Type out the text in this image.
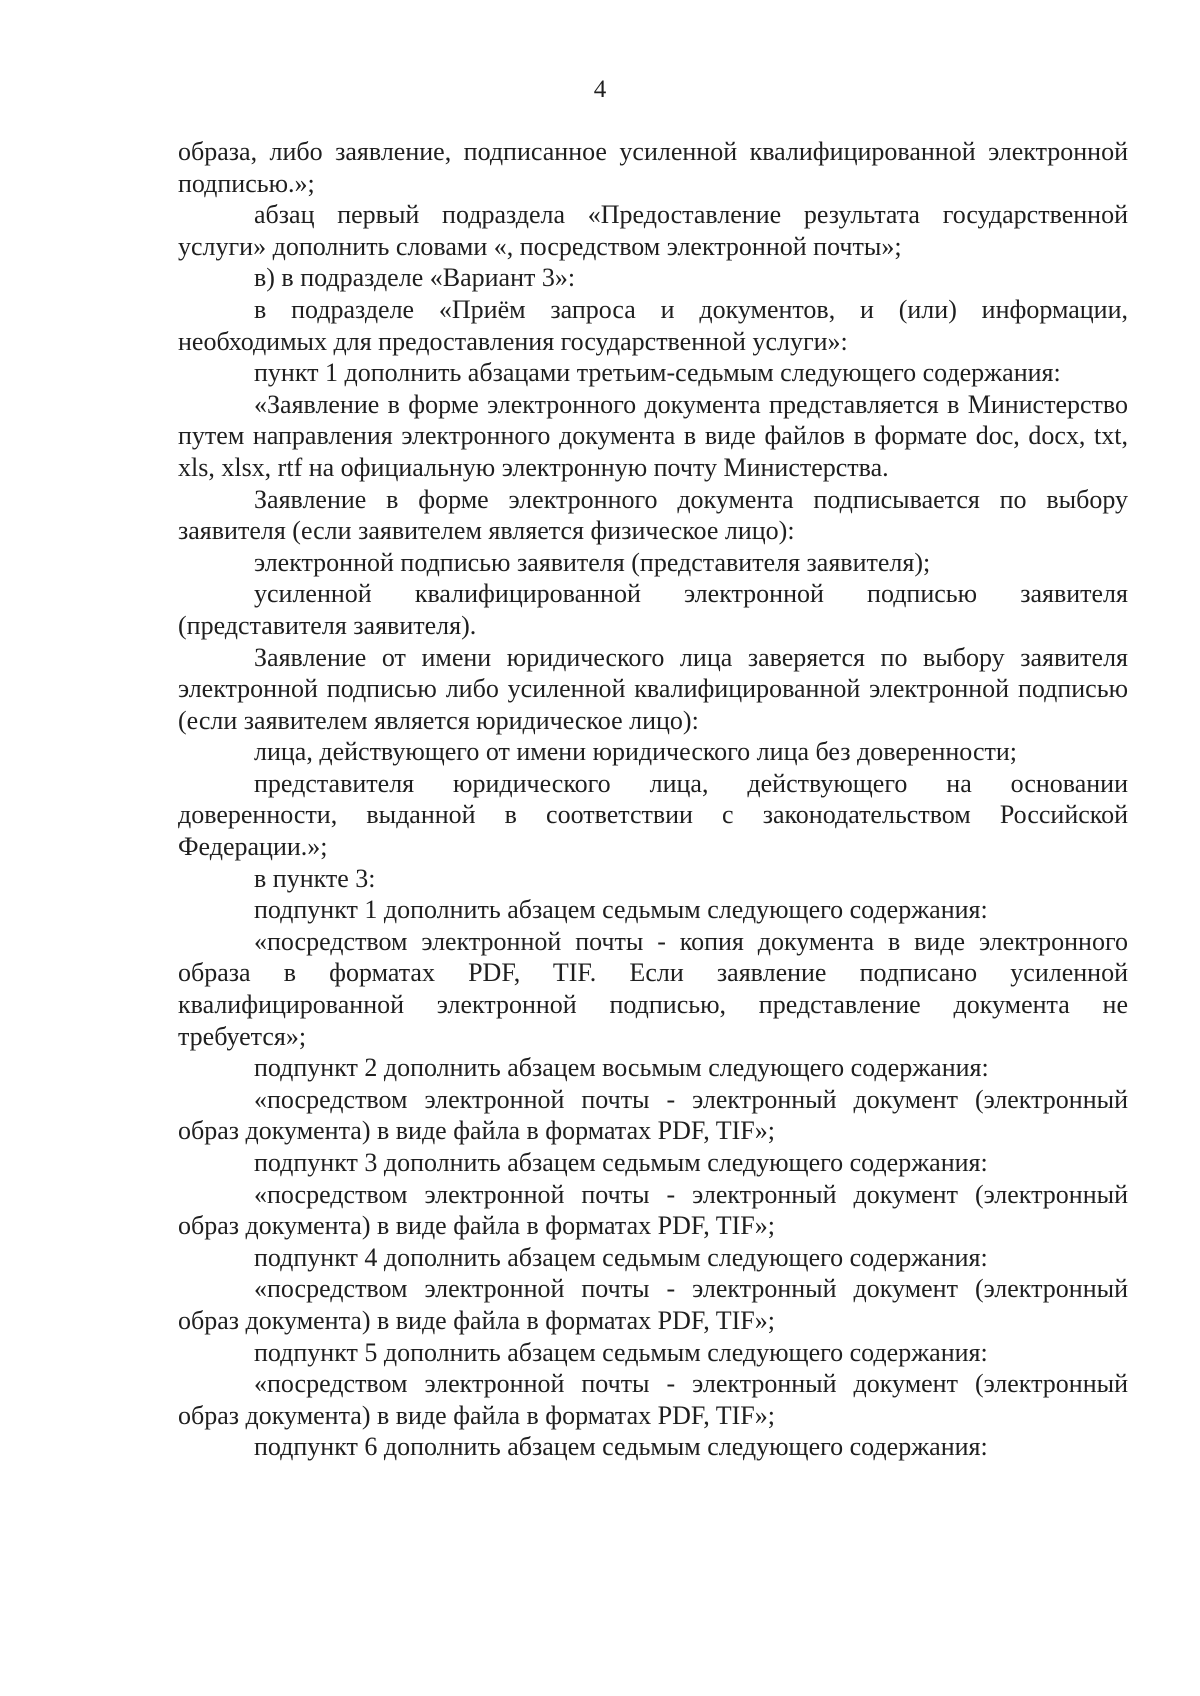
4

образа, либо заявление, подписанное усиленной квалифицированной электронной подписью.»;

абзац первый подраздела «Предоставление результата государственной услуги» дополнить словами «, посредством электронной почты»;

в) в подразделе «Вариант 3»:

в подразделе «Приём запроса и документов, и (или) информации, необходимых для предоставления государственной услуги»:

пункт 1 дополнить абзацами третьим-седьмым следующего содержания:

«Заявление в форме электронного документа представляется в Министерство путем направления электронного документа в виде файлов в формате doc, docx, txt, xls, xlsx, rtf на официальную электронную почту Министерства.

Заявление в форме электронного документа подписывается по выбору заявителя (если заявителем является физическое лицо):

электронной подписью заявителя (представителя заявителя);

усиленной квалифицированной электронной подписью заявителя (представителя заявителя).

Заявление от имени юридического лица заверяется по выбору заявителя электронной подписью либо усиленной квалифицированной электронной подписью (если заявителем является юридическое лицо):

лица, действующего от имени юридического лица без доверенности;

представителя юридического лица, действующего на основании доверенности, выданной в соответствии с законодательством Российской Федерации.»;

в пункте 3:

подпункт 1 дополнить абзацем седьмым следующего содержания:

«посредством электронной почты - копия документа в виде электронного образа в форматах PDF, TIF. Если заявление подписано усиленной квалифицированной электронной подписью, представление документа не требуется»;

подпункт 2 дополнить абзацем восьмым следующего содержания:

«посредством электронной почты - электронный документ (электронный образ документа) в виде файла в форматах PDF, TIF»;

подпункт 3 дополнить абзацем седьмым следующего содержания:

«посредством электронной почты - электронный документ (электронный образ документа) в виде файла в форматах PDF, TIF»;

подпункт 4 дополнить абзацем седьмым следующего содержания:

«посредством электронной почты - электронный документ (электронный образ документа) в виде файла в форматах PDF, TIF»;

подпункт 5 дополнить абзацем седьмым следующего содержания:

«посредством электронной почты - электронный документ (электронный образ документа) в виде файла в форматах PDF, TIF»;

подпункт 6 дополнить абзацем седьмым следующего содержания:
